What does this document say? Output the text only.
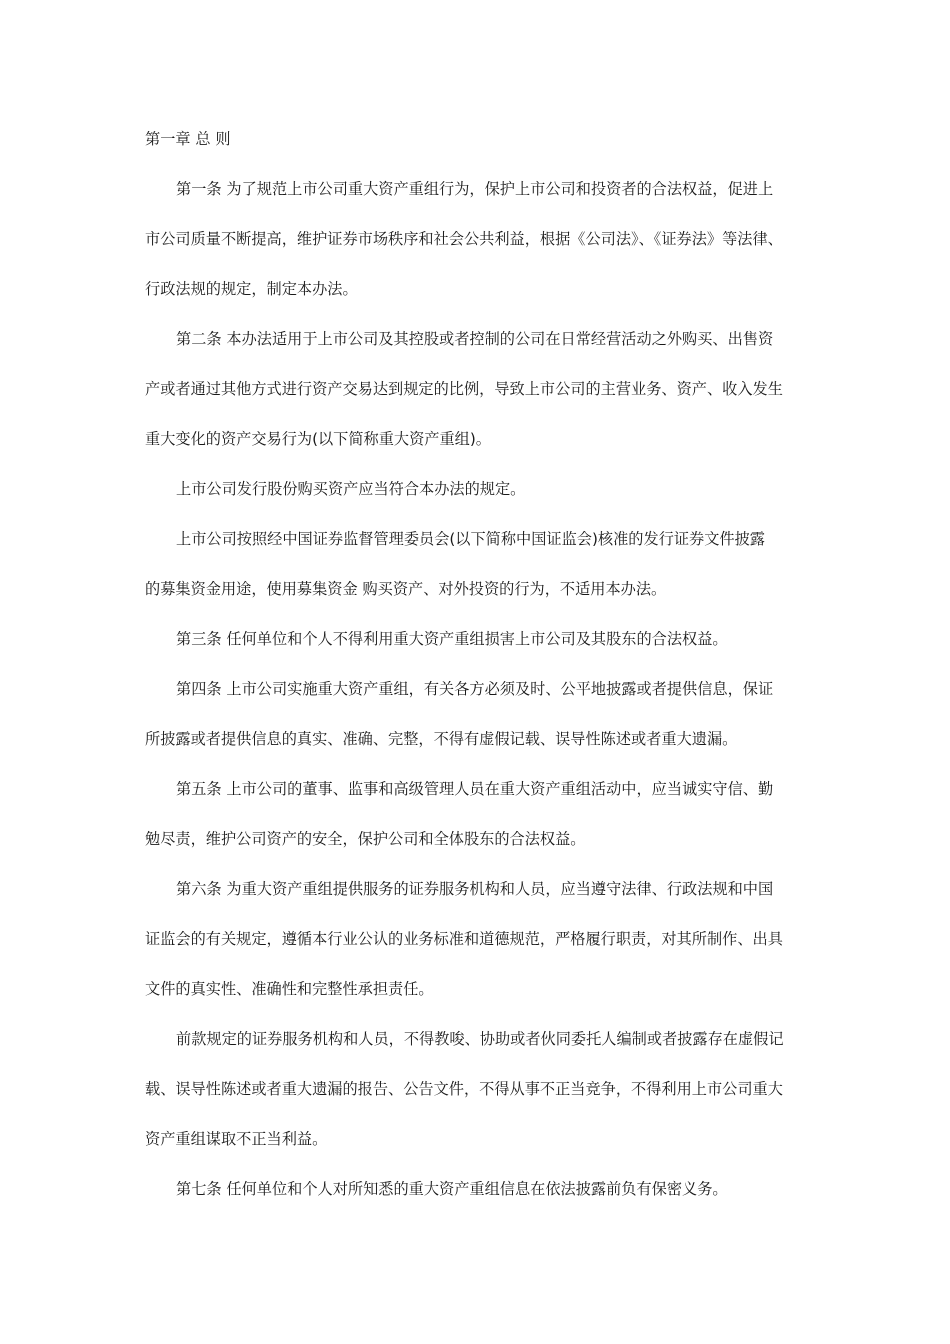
第一章 总 则
第一条 为了规范上市公司重大资产重组行为，保护上市公司和投资者的合法权益，促进上
市公司质量不断提高，维护证券市场秩序和社会公共利益，根据《公司法》、《证券法》等法律、
行政法规的规定，制定本办法。
第二条 本办法适用于上市公司及其控股或者控制的公司在日常经营活动之外购买、出售资
产或者通过其他方式进行资产交易达到规定的比例，导致上市公司的主营业务、资产、收入发生
重大变化的资产交易行为(以下简称重大资产重组)。
上市公司发行股份购买资产应当符合本办法的规定。
上市公司按照经中国证券监督管理委员会(以下简称中国证监会)核准的发行证券文件披露
的募集资金用途，使用募集资金 购买资产、对外投资的行为，不适用本办法。
第三条 任何单位和个人不得利用重大资产重组损害上市公司及其股东的合法权益。
第四条 上市公司实施重大资产重组，有关各方必须及时、公平地披露或者提供信息，保证
所披露或者提供信息的真实、准确、完整，不得有虚假记载、误导性陈述或者重大遗漏。
第五条 上市公司的董事、监事和高级管理人员在重大资产重组活动中，应当诚实守信、勤
勉尽责，维护公司资产的安全，保护公司和全体股东的合法权益。
第六条 为重大资产重组提供服务的证券服务机构和人员，应当遵守法律、行政法规和中国
证监会的有关规定，遵循本行业公认的业务标准和道德规范，严格履行职责，对其所制作、出具
文件的真实性、准确性和完整性承担责任。
前款规定的证券服务机构和人员，不得教唆、协助或者伙同委托人编制或者披露存在虚假记
载、误导性陈述或者重大遗漏的报告、公告文件，不得从事不正当竞争，不得利用上市公司重大
资产重组谋取不正当利益。
第七条 任何单位和个人对所知悉的重大资产重组信息在依法披露前负有保密义务。
